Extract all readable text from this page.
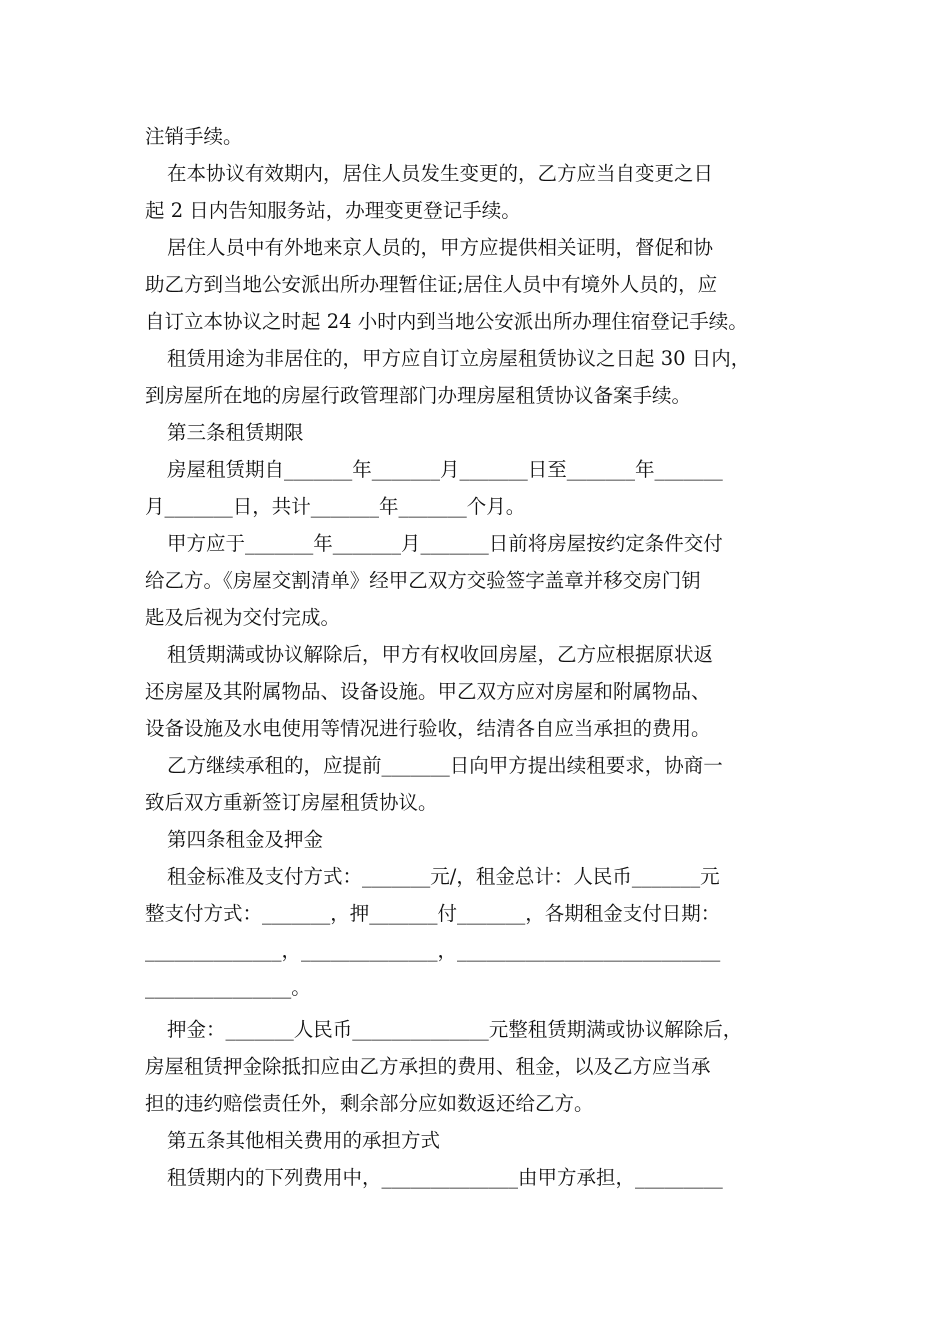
注销手续。
在本协议有效期内，居住人员发生变更的，乙方应当自变更之日
起 2 日内告知服务站，办理变更登记手续。
居住人员中有外地来京人员的，甲方应提供相关证明，督促和协
助乙方到当地公安派出所办理暂住证;居住人员中有境外人员的，应
自订立本协议之时起 24 小时内到当地公安派出所办理住宿登记手续。
租赁用途为非居住的，甲方应自订立房屋租赁协议之日起 30 日内，
到房屋所在地的房屋行政管理部门办理房屋租赁协议备案手续。
第三条租赁期限
房屋租赁期自_______年_______月_______日至_______年_______
月_______日，共计_______年_______个月。
甲方应于_______年_______月_______日前将房屋按约定条件交付
给乙方。《房屋交割清单》经甲乙双方交验签字盖章并移交房门钥
匙及后视为交付完成。
租赁期满或协议解除后，甲方有权收回房屋，乙方应根据原状返
还房屋及其附属物品、设备设施。甲乙双方应对房屋和附属物品、
设备设施及水电使用等情况进行验收，结清各自应当承担的费用。
乙方继续承租的，应提前_______日向甲方提出续租要求，协商一
致后双方重新签订房屋租赁协议。
第四条租金及押金
租金标准及支付方式：_______元/，租金总计：人民币_______元
整支付方式：_______，押_______付_______，各期租金支付日期：
______________，______________，___________________________
_______________。
押金：_______人民币______________元整租赁期满或协议解除后，
房屋租赁押金除抵扣应由乙方承担的费用、租金，以及乙方应当承
担的违约赔偿责任外，剩余部分应如数返还给乙方。
第五条其他相关费用的承担方式
租赁期内的下列费用中，______________由甲方承担，_________
